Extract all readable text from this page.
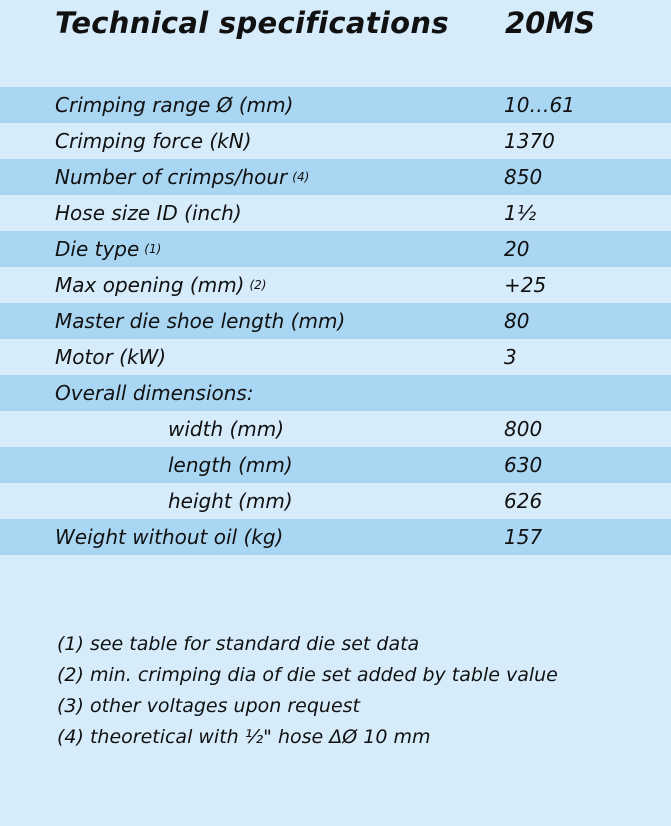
Technical specifications 20MS
Crimping range Ø (mm)	10…61
Crimping force (kN)	1370
Number of crimps/hour (4)	850
Hose size ID (inch)	1½
Die type (1)	20
Max opening (mm) (2)	+25
Master die shoe length (mm)	80
Motor (kW)	3
Overall dimensions:
width (mm)	800
length (mm)	630
height (mm)	626
Weight without oil (kg)	157
(1) see table for standard die set data
(2) min. crimping dia of die set added by table value
(3) other voltages upon request
(4) theoretical with ½" hose ΔØ 10 mm
